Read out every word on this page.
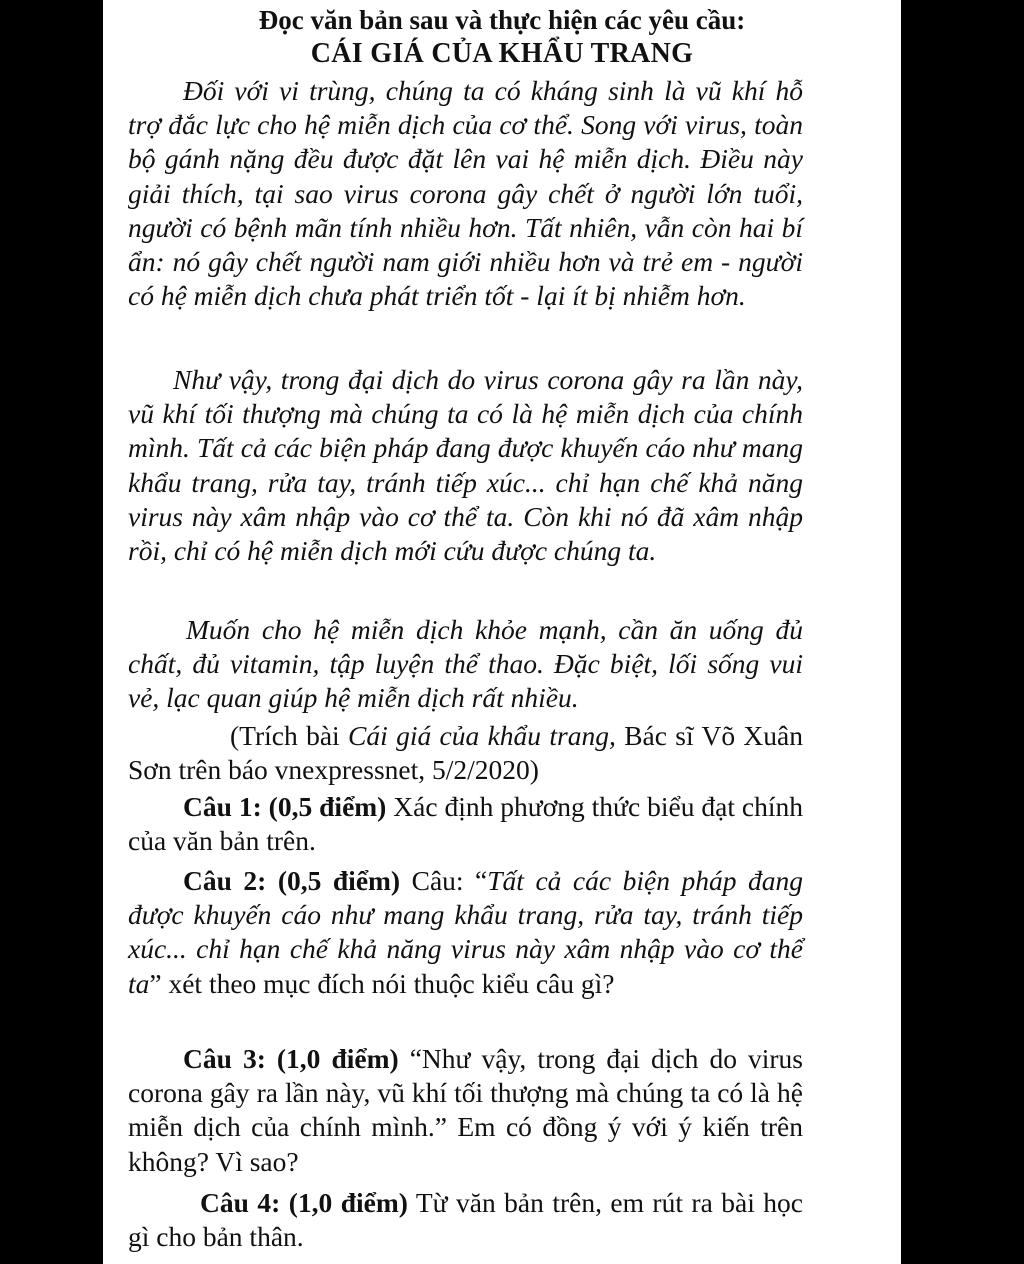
Đọc văn bản sau và thực hiện các yêu cầu:
CÁI GIÁ CỦA KHẨU TRANG

Đối với vi trùng, chúng ta có kháng sinh là vũ khí hỗ trợ đắc lực cho hệ miễn dịch của cơ thể. Song với virus, toàn bộ gánh nặng đều được đặt lên vai hệ miễn dịch. Điều này giải thích, tại sao virus corona gây chết ở người lớn tuổi, người có bệnh mãn tính nhiều hơn. Tất nhiên, vẫn còn hai bí ẩn: nó gây chết người nam giới nhiều hơn và trẻ em - người có hệ miễn dịch chưa phát triển tốt - lại ít bị nhiễm hơn.

Như vậy, trong đại dịch do virus corona gây ra lần này, vũ khí tối thượng mà chúng ta có là hệ miễn dịch của chính mình. Tất cả các biện pháp đang được khuyến cáo như mang khẩu trang, rửa tay, tránh tiếp xúc... chỉ hạn chế khả năng virus này xâm nhập vào cơ thể ta. Còn khi nó đã xâm nhập rồi, chỉ có hệ miễn dịch mới cứu được chúng ta.

Muốn cho hệ miễn dịch khỏe mạnh, cần ăn uống đủ chất, đủ vitamin, tập luyện thể thao. Đặc biệt, lối sống vui vẻ, lạc quan giúp hệ miễn dịch rất nhiều.

(Trích bài Cái giá của khẩu trang, Bác sĩ Võ Xuân Sơn trên báo vnexpressnet, 5/2/2020)

Câu 1: (0,5 điểm) Xác định phương thức biểu đạt chính của văn bản trên.

Câu 2: (0,5 điểm) Câu: “Tất cả các biện pháp đang được khuyến cáo như mang khẩu trang, rửa tay, tránh tiếp xúc... chỉ hạn chế khả năng virus này xâm nhập vào cơ thể ta” xét theo mục đích nói thuộc kiểu câu gì?

Câu 3: (1,0 điểm) “Như vậy, trong đại dịch do virus corona gây ra lần này, vũ khí tối thượng mà chúng ta có là hệ miễn dịch của chính mình.” Em có đồng ý với ý kiến trên không? Vì sao?

Câu 4: (1,0 điểm) Từ văn bản trên, em rút ra bài học gì cho bản thân.
